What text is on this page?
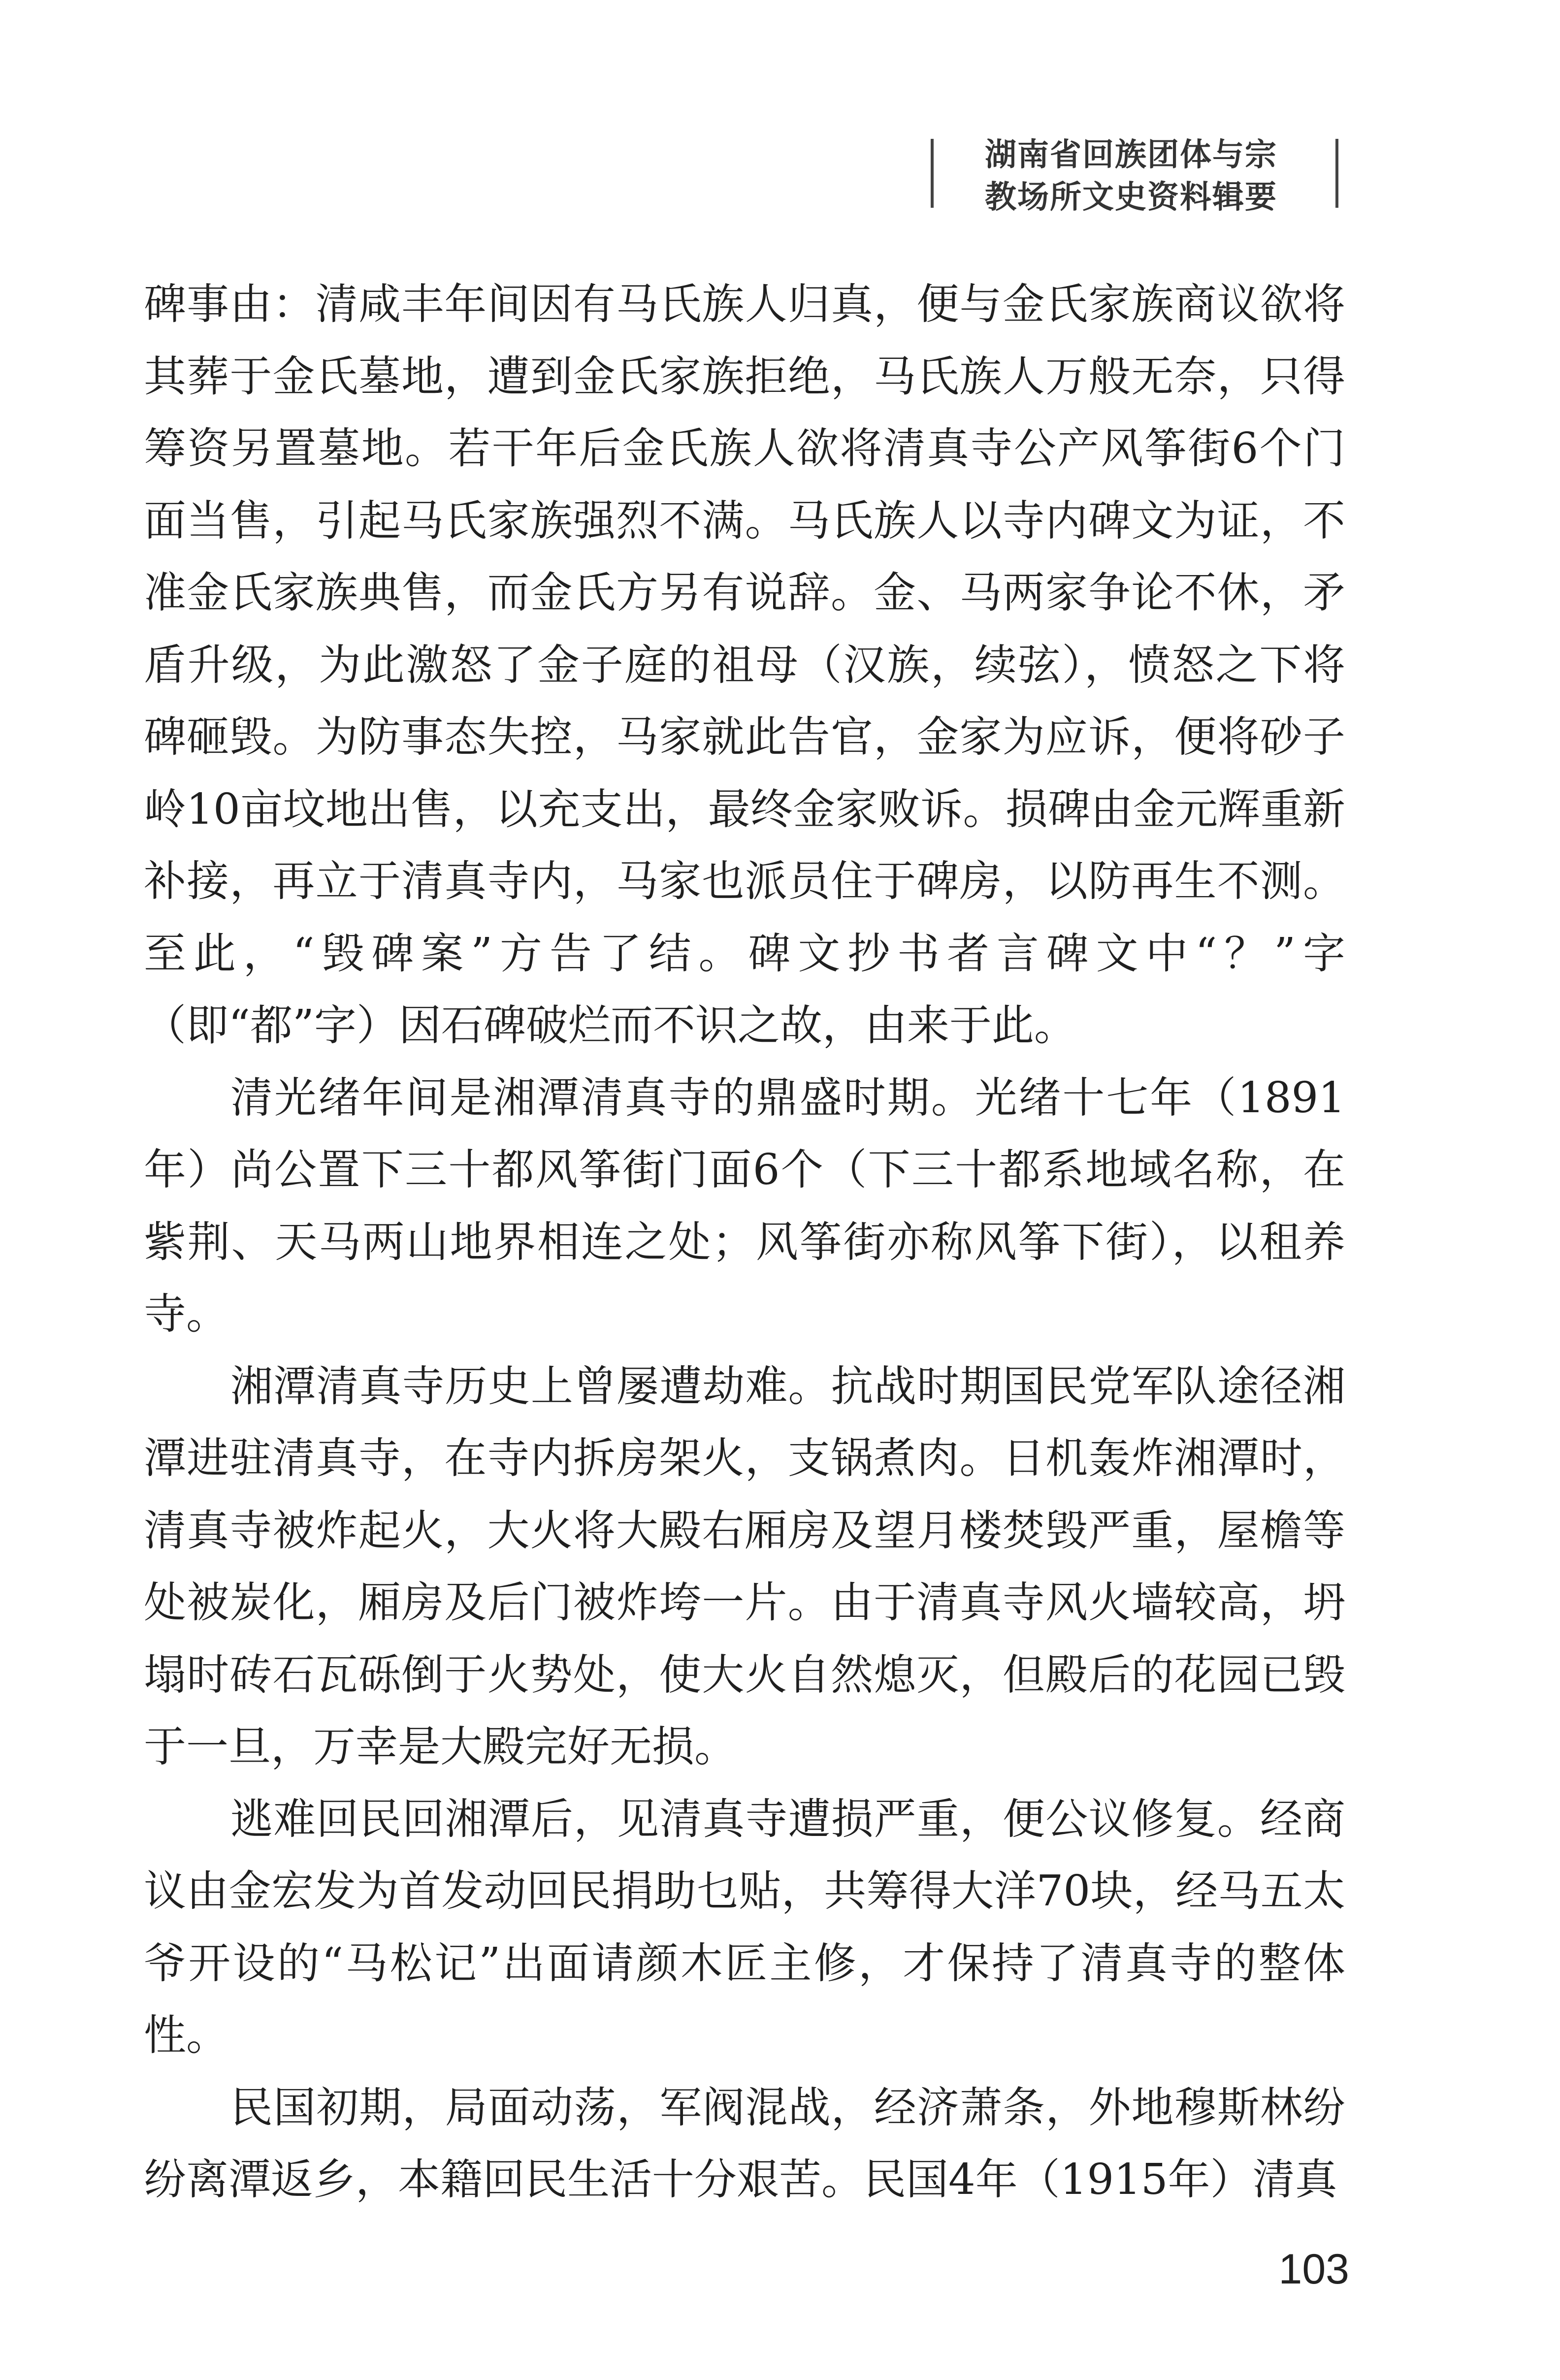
湖南省回族团体与宗
教场所文史资料辑要

碑事由：清咸丰年间因有马氏族人归真，便与金氏家族商议欲将其葬于金氏墓地，遭到金氏家族拒绝，马氏族人万般无奈，只得筹资另置墓地。若干年后金氏族人欲将清真寺公产风筝街6个门面当售，引起马氏家族强烈不满。马氏族人以寺内碑文为证，不准金氏家族典售，而金氏方另有说辞。金、马两家争论不休，矛盾升级，为此激怒了金子庭的祖母（汉族，续弦），愤怒之下将碑砸毁。为防事态失控，马家就此告官，金家为应诉，便将砂子岭10亩坟地出售，以充支出，最终金家败诉。损碑由金元辉重新补接，再立于清真寺内，马家也派员住于碑房，以防再生不测。至此，“毁碑案”方告了结。碑文抄书者言碑文中“？”字（即“都”字）因石碑破烂而不识之故，由来于此。

清光绪年间是湘潭清真寺的鼎盛时期。光绪十七年（1891年）尚公置下三十都风筝街门面6个（下三十都系地域名称，在紫荆、天马两山地界相连之处；风筝街亦称风筝下街），以租养寺。

湘潭清真寺历史上曾屡遭劫难。抗战时期国民党军队途径湘潭进驻清真寺，在寺内拆房架火，支锅煮肉。日机轰炸湘潭时，清真寺被炸起火，大火将大殿右厢房及望月楼焚毁严重，屋檐等处被炭化，厢房及后门被炸垮一片。由于清真寺风火墙较高，坍塌时砖石瓦砾倒于火势处，使大火自然熄灭，但殿后的花园已毁于一旦，万幸是大殿完好无损。

逃难回民回湘潭后，见清真寺遭损严重，便公议修复。经商议由金宏发为首发动回民捐助乜贴，共筹得大洋70块，经马五太爷开设的“马松记”出面请颜木匠主修，才保持了清真寺的整体性。

民国初期，局面动荡，军阀混战，经济萧条，外地穆斯林纷纷离潭返乡，本籍回民生活十分艰苦。民国4年（1915年）清真

103
